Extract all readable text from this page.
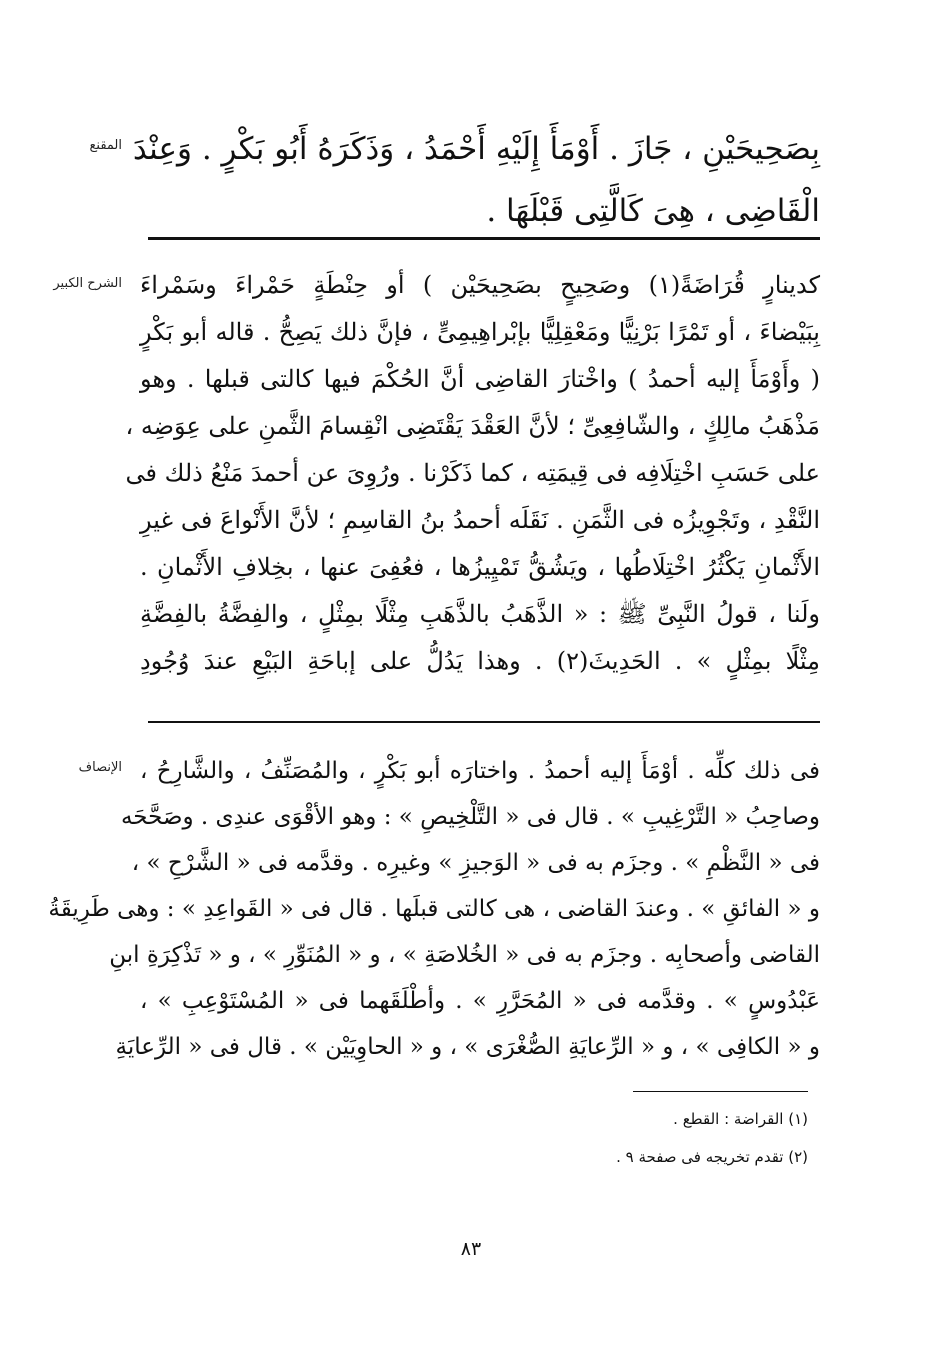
المقنع بِصَحِيحَيْنِ ، جَازَ . أَوْمَأَ إِلَيْهِ أَحْمَدُ ، وَذَكَرَهُ أَبُو بَكْرٍ . وَعِنْدَ
الْقَاضِى ، هِىَ كَالَّتِى قَبْلَهَا .
الشرح الكبير كدينارٍ قُرَاضَةً(١) وصَحِيحٍ بصَحِيحَيْن ) أو حِنْطَةٍ حَمْراءَ وسَمْراءَ
بِبَيْضاءَ ، أو تَمْرًا بَرْنِيًّا ومَعْقِلِيًّا بإبْراهِيمِىٍّ ، فإنَّ ذلك يَصِحُّ . قاله أبو بَكْرٍ
( وأَوْمَأَ إليه أحمدُ ) واخْتارَ القاضِى أنَّ الحُكْمَ فيها كالتى قبلها . وهو
مَذْهَبُ مالِكٍ ، والشّافِعِىِّ ؛ لأنَّ العَقْدَ يَقْتَضِى انْقِسامَ الثَّمنِ على عِوَضِه ،
على حَسَبِ اخْتِلَافِه فى قِيمَتِه ، كما ذَكَرْنا . ورُوِىَ عن أحمدَ مَنْعُ ذلك فى
النَّقْدِ ، وتَجْوِيزُه فى الثَّمَنِ . نَقَلَه أحمدُ بنُ القاسِمِ ؛ لأنَّ الأَنْواعَ فى غيرِ
الأَثْمانِ يَكْثُرُ اخْتِلَاطُها ، ويَشُقُّ تَمْيِيزُها ، فعُفِىَ عنها ، بخِلافِ الأَثْمانِ .
ولَنا ، قولُ النَّبِىِّ ﷺ : « الذَّهَبُ بالذَّهَبِ مِثْلًا بمِثْلٍ ، والفِضَّةُ بالفِضَّةِ
مِثْلًا بمِثْلٍ » . الحَدِيثَ(٢) . وهذا يَدُلُّ على إباحَةِ البَيْعِ عندَ وُجُودِ
الإنصاف فى ذلك كلِّه . أوْمَأَ إليه أحمدُ . واختارَه أبو بَكْرٍ ، والمُصَنِّفُ ، والشَّارِحُ ،
وصاحِبُ « التَّرْغِيبِ » . قال فى « التَّلْخِيصِ » : وهو الأقْوَى عندِى . وصَحَّحَه
فى « النَّظْمِ » . وجزَم به فى « الوَجيزِ » وغيرِه . وقدَّمه فى « الشَّرْحِ » ،
و « الفائقِ » . وعندَ القاضى ، هى كالتى قبلَها . قال فى « القَواعِدِ » : وهى طَرِيقَةُ
القاضى وأصحابِه . وجزَم به فى « الخُلاصَةِ » ، و « المُنَوِّرِ » ، و « تَذْكِرَةِ ابنِ
عَبْدُوسٍ » . وقدَّمه فى « المُحَرَّرِ » . وأطْلَقَهما فى « المُسْتَوْعِبِ » ،
و « الكافِى » ، و « الرِّعايَةِ الصُّغْرَى » ، و « الحاوِيَيْن » . قال فى « الرِّعايَةِ
(١) القراضة : القطع .
(٢) تقدم تخريجه فى صفحة ٩ .
٨٣
